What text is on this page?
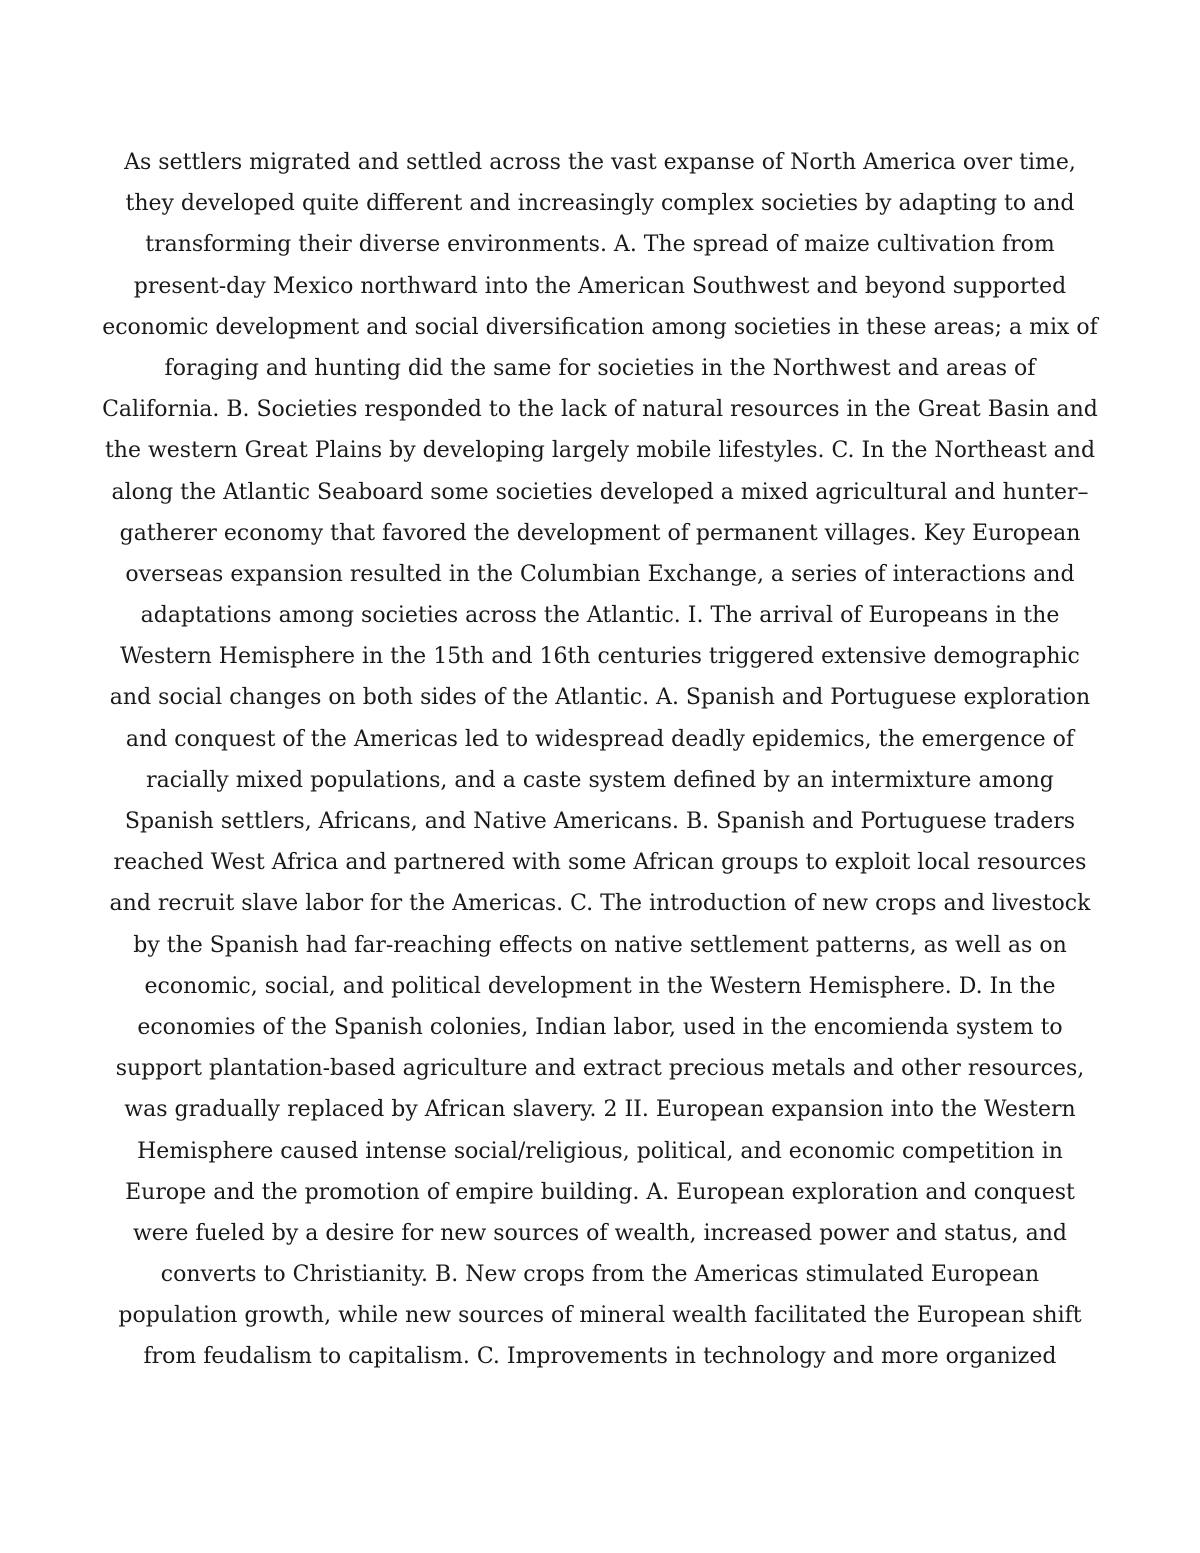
As settlers migrated and settled across the vast expanse of North America over time,
they developed quite different and increasingly complex societies by adapting to and
transforming their diverse environments. A. The spread of maize cultivation from
present-day Mexico northward into the American Southwest and beyond supported
economic development and social diversification among societies in these areas; a mix of
foraging and hunting did the same for societies in the Northwest and areas of
California. B. Societies responded to the lack of natural resources in the Great Basin and
the western Great Plains by developing largely mobile lifestyles. C. In the Northeast and
along the Atlantic Seaboard some societies developed a mixed agricultural and hunter–
gatherer economy that favored the development of permanent villages. Key European
overseas expansion resulted in the Columbian Exchange, a series of interactions and
adaptations among societies across the Atlantic. I. The arrival of Europeans in the
Western Hemisphere in the 15th and 16th centuries triggered extensive demographic
and social changes on both sides of the Atlantic. A. Spanish and Portuguese exploration
and conquest of the Americas led to widespread deadly epidemics, the emergence of
racially mixed populations, and a caste system defined by an intermixture among
Spanish settlers, Africans, and Native Americans. B. Spanish and Portuguese traders
reached West Africa and partnered with some African groups to exploit local resources
and recruit slave labor for the Americas. C. The introduction of new crops and livestock
by the Spanish had far-reaching effects on native settlement patterns, as well as on
economic, social, and political development in the Western Hemisphere. D. In the
economies of the Spanish colonies, Indian labor, used in the encomienda system to
support plantation-based agriculture and extract precious metals and other resources,
was gradually replaced by African slavery. 2 II. European expansion into the Western
Hemisphere caused intense social/religious, political, and economic competition in
Europe and the promotion of empire building. A. European exploration and conquest
were fueled by a desire for new sources of wealth, increased power and status, and
converts to Christianity. B. New crops from the Americas stimulated European
population growth, while new sources of mineral wealth facilitated the European shift
from feudalism to capitalism. C. Improvements in technology and more organized
